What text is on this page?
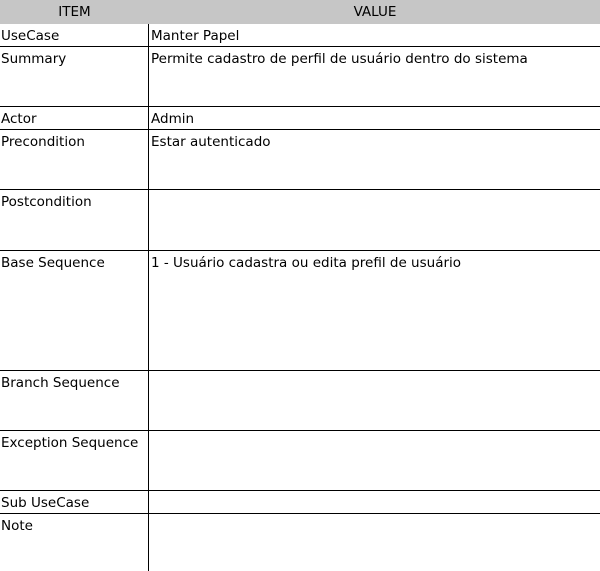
ITEM	VALUE
UseCase	Manter Papel
Summary	Permite cadastro de perfil de usuário dentro do sistema
Actor	Admin
Precondition	Estar autenticado
Postcondition
Base Sequence	1 - Usuário cadastra ou edita prefil de usuário
Branch Sequence
Exception Sequence
Sub UseCase
Note
